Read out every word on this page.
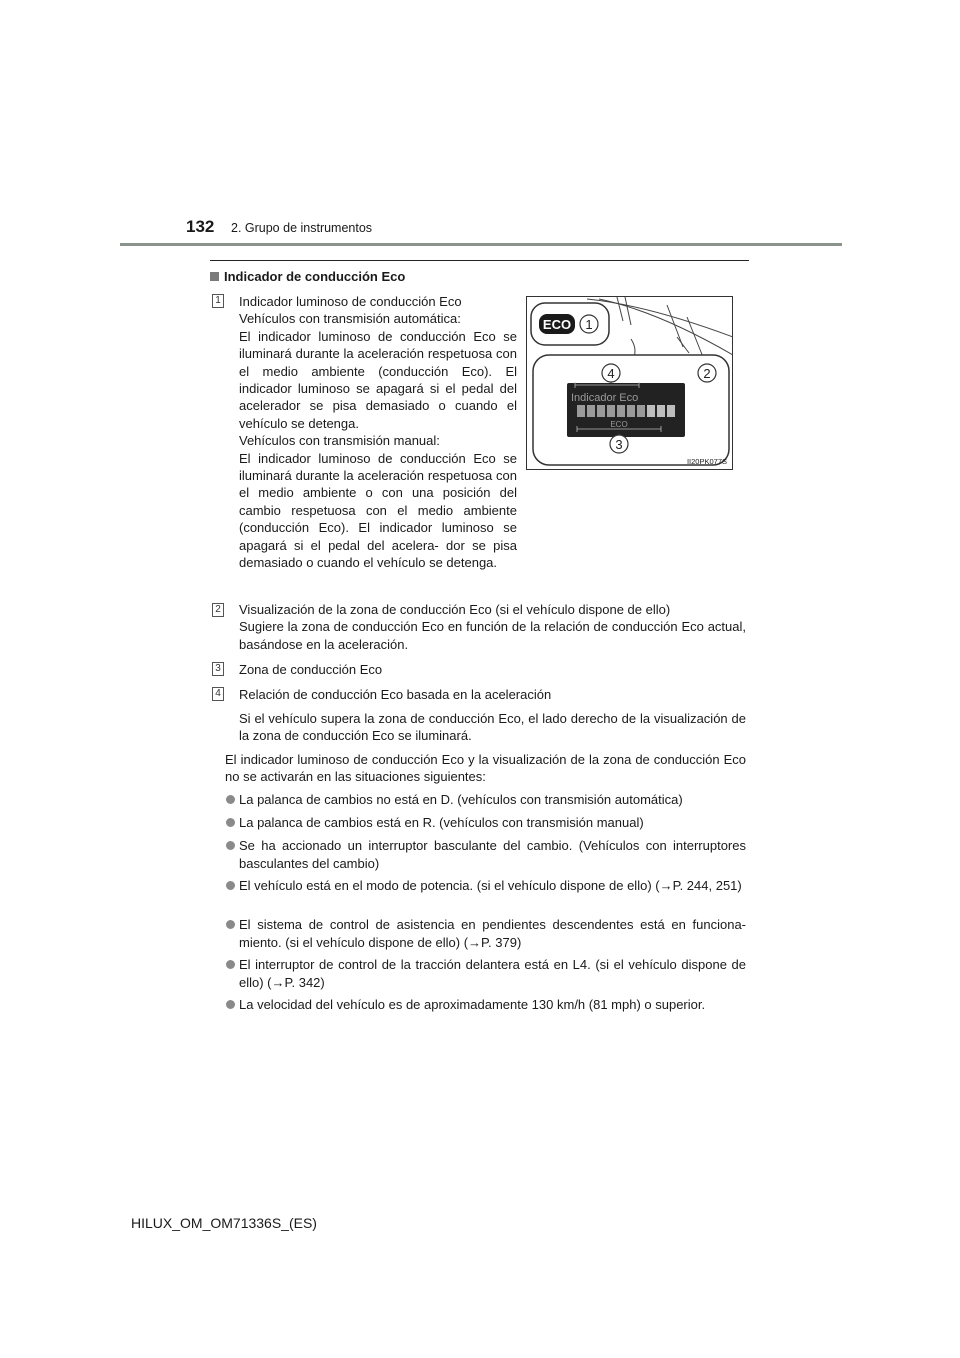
132 2. Grupo de instrumentos
Indicador de conducción Eco
1 Indicador luminoso de conducción Eco

Vehículos con transmisión automática:

El indicador luminoso de conducción Eco se iluminará durante la aceleración respetuosa con el medio ambiente (conducción Eco). El indicador luminoso se apagará si el pedal del acelerador se pisa demasiado o cuando el vehículo se detenga.

Vehículos con transmisión manual:

El indicador luminoso de conducción Eco se iluminará durante la aceleración respetuosa con el medio ambiente o con una posición del cambio respetuosa con el medio ambiente (conducción Eco). El indicador luminoso se apagará si el pedal del acelera- dor se pisa demasiado o cuando el vehículo se detenga.

ECO 1
4	2
Indicador Eco
ECO
3
II20PK077S
2 Visualización de la zona de conducción Eco (si el vehículo dispone de ello)

Sugiere la zona de conducción Eco en función de la relación de conducción Eco actual, basándose en la aceleración.

3 Zona de conducción Eco

4 Relación de conducción Eco basada en la aceleración

Si el vehículo supera la zona de conducción Eco, el lado derecho de la visualización de la zona de conducción Eco se iluminará.
El indicador luminoso de conducción Eco y la visualización de la zona de conducción Eco no se activarán en las situaciones siguientes:
La palanca de cambios no está en D. (vehículos con transmisión automática)
La palanca de cambios está en R. (vehículos con transmisión manual)
Se ha accionado un interruptor basculante del cambio. (Vehículos con interruptores basculantes del cambio)
El vehículo está en el modo de potencia. (si el vehículo dispone de ello) (→P. 244, 251)
El sistema de control de asistencia en pendientes descendentes está en funciona- miento. (si el vehículo dispone de ello) (→P. 379)
El interruptor de control de la tracción delantera está en L4. (si el vehículo dispone de ello) (→P. 342)
La velocidad del vehículo es de aproximadamente 130 km/h (81 mph) o superior.
HILUX_OM_OM71336S_(ES)
